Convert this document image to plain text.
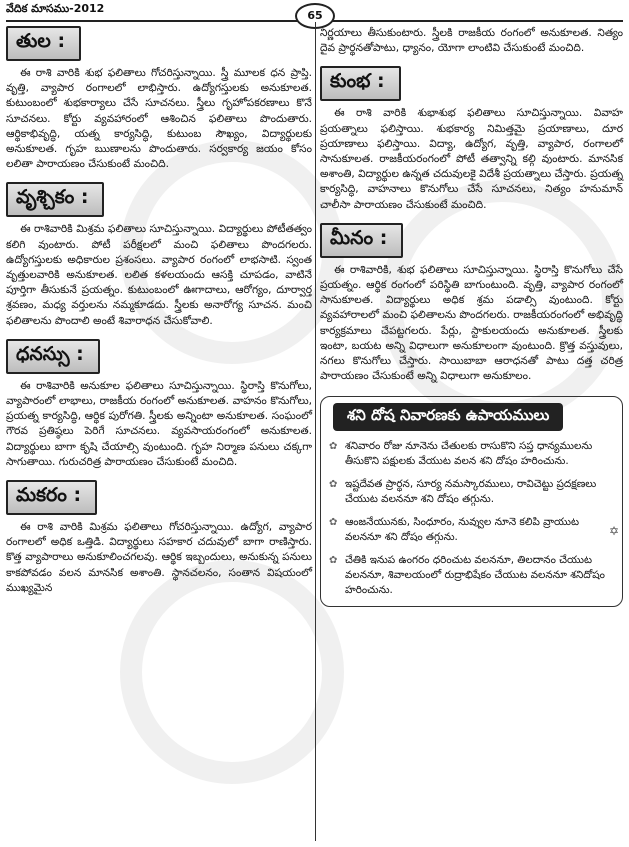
వేదిక మాసము-2012
65
తుల :

ఈ రాశి వారికి శుభ ఫలితాలు గోచరిస్తున్నాయి. స్త్రీ మూలక ధన ప్రాప్తి. వృత్తి, వ్యాపార రంగాలలో లాభిస్తారు. ఉద్యోగస్తులకు అనుకూలత. కుటుంబంలో శుభకార్యాలు చేసే సూచనలు. స్త్రీలు గృహోపకరణాలు కొనే సూచనలు. కోర్టు వ్యవహారంలో ఆశించిన ఫలితాలు పొందుతారు. ఆర్థికాభివృద్ధి, యత్న కార్యసిద్ధి, కుటుంబ సౌఖ్యం, విద్యార్థులకు అనుకూలత. గృహ ఋణాలను పొందుతారు. సర్వకార్య జయం కోసం లలితా పారాయణం చేసుకుంటే మంచిది.

వృశ్చికం :

ఈ రాశివారికి మిశ్రమ ఫలితాలు సూచిస్తున్నాయి. విద్యార్థులు పోటీతత్వం కలిగి వుంటారు. పోటీ పరీక్షలలో మంచి ఫలితాలు పొందగలరు. ఉద్యోగస్తులకు అధికారుల ప్రశంసలు. వ్యాపార రంగంలో లాభసాటి. స్వంత వృత్తులవారికి అనుకూలత. లలిత కళలయందు ఆసక్తి చూపడం, వాటినే పూర్తిగా తీసుకునే ప్రయత్నం. కుటుంబంలో ఊగాదాలు, ఆరోగ్యం, దూర్వార్త శ్రవణం, మధ్య వర్తులను నమ్మకూడదు. స్త్రీలకు అనారోగ్య సూచన. మంచి ఫలితాలను పొందాలి అంటే శివారాధన చేసుకోవాలి.

ధనస్సు :

ఈ రాశివారికి అనుకూల ఫలితాలు సూచిస్తున్నాయి. స్థిరాస్తి కొనుగోలు, వ్యాపారంలో లాభాలు, రాజకీయ రంగంలో అనుకూలత. వాహనం కొనుగోలు, ప్రయత్న కార్యసిద్ధి, ఆర్థిక పురోగతి. స్త్రీలకు అన్నింటా అనుకూలత. సంఘంలో గౌరవ ప్రతిష్ఠలు పెరిగే సూచనలు. వ్యవసాయరంగంలో అనుకూలత. విద్యార్థులు బాగా కృషి చేయాల్సి వుంటుంది. గృహ నిర్మాణ పనులు చక్కగా సాగుతాయి. గురుచరిత్ర పారాయణం చేసుకుంటే మంచిది.

మకరం :

ఈ రాశి వారికి మిశ్రమ ఫలితాలు గోచరిస్తున్నాయి. ఉద్యోగ, వ్యాపార రంగాలలో అధిక ఒత్తిడి. విద్యార్థులు సహకార చదువులో బాగా రాణిస్తారు. కొత్త వ్యాపారాలు అనుకూలించగలవు. ఆర్థిక ఇబ్బందులు, అనుకున్న పనులు కాకపోవడం వలన మానసిక అశాంతి. స్థానచలనం, సంతాన విషయంలో ముఖ్యమైన

నిర్ణయాలు తీసుకుంటారు. స్త్రీలకి రాజకీయ రంగంలో అనుకూలత. నిత్యం దైవ ప్రార్థనతోపాటు, ధ్యానం, యోగా లాంటివి చేసుకుంటే మంచిది.

కుంభ :

ఈ రాశి వారికి శుభాశుభ ఫలితాలు సూచిస్తున్నాయి. వివాహ ప్రయత్నాలు ఫలిస్తాయి. శుభకార్య నిమిత్తమై ప్రయాణాలు, దూర ప్రయాణాలు ఫలిస్తాయి. విద్యా, ఉద్యోగ, వృత్తి, వ్యాపార, రంగాలలో సానుకూలత. రాజకీయరంగంలో పోటీ తత్వాన్ని కల్గి వుంటారు. మానసిక అశాంతి, విద్యార్థుల ఉన్నత చదువులకై విదేశీ ప్రయత్నాలు చేస్తారు. ప్రయత్న కార్యసిద్ధి, వాహనాలు కొనుగోలు చేసే సూచనలు, నిత్యం హనుమాన్ చాలీసా పారాయణం చేసుకుంటే మంచిది.

మీనం :

ఈ రాశివారికి, శుభ ఫలితాలు సూచిస్తున్నాయి. స్థిరాస్తి కొనుగోలు చేసే ప్రయత్నం. ఆర్థిక రంగంలో పరిస్థితి బాగుంటుంది. వృత్తి, వ్యాపార రంగంలో సానుకూలత. విద్యార్థులు అధిక శ్రమ పడాల్సి వుంటుంది. కోర్టు వ్యవహారాలలో మంచి ఫలితాలను పొందగలరు. రాజకీయరంగంలో అభివృద్ధి కార్యక్రమాలు చేపట్టగలరు. పేర్లు, స్టాకులయందు అనుకూలత. స్త్రీలకు ఇంటా, బయట అన్ని విధాలుగా అనుకూలంగా వుంటుంది. క్రొత్త వస్తువులు, నగలు కొనుగోలు చేస్తారు. సాయిబాబా ఆరాధనతో పాటు దత్త చరిత్ర పారాయణం చేసుకుంటే అన్ని విధాలుగా అనుకూలం.

శని దోష నివారణకు ఉపాయములు
✿ శనివారం రోజు నూనెను చేతులకు రాసుకొని సప్త ధాన్యములను తీసుకొని పక్షులకు వేయుట వలన శని దోషం హరించును.
✿ ఇష్టదేవత ప్రార్థన, సూర్య నమస్కారములు, రావిచెట్టు ప్రదక్షణలు చేయుట వలననూ శని దోషం తగ్గును.
✿ ఆంజనేయునకు, సింధూరం, నువ్వుల నూనె కలిపి వ్రాయుట వలననూ శని దోషం తగ్గును.
✿ చేతికి ఇనుప ఉంగరం ధరించుట వలననూ, తిలదానం చేయుట వలననూ, శివాలయంలో రుద్రాభిషేకం చేయుట వలననూ శనిదోషం హరించును.
✡
